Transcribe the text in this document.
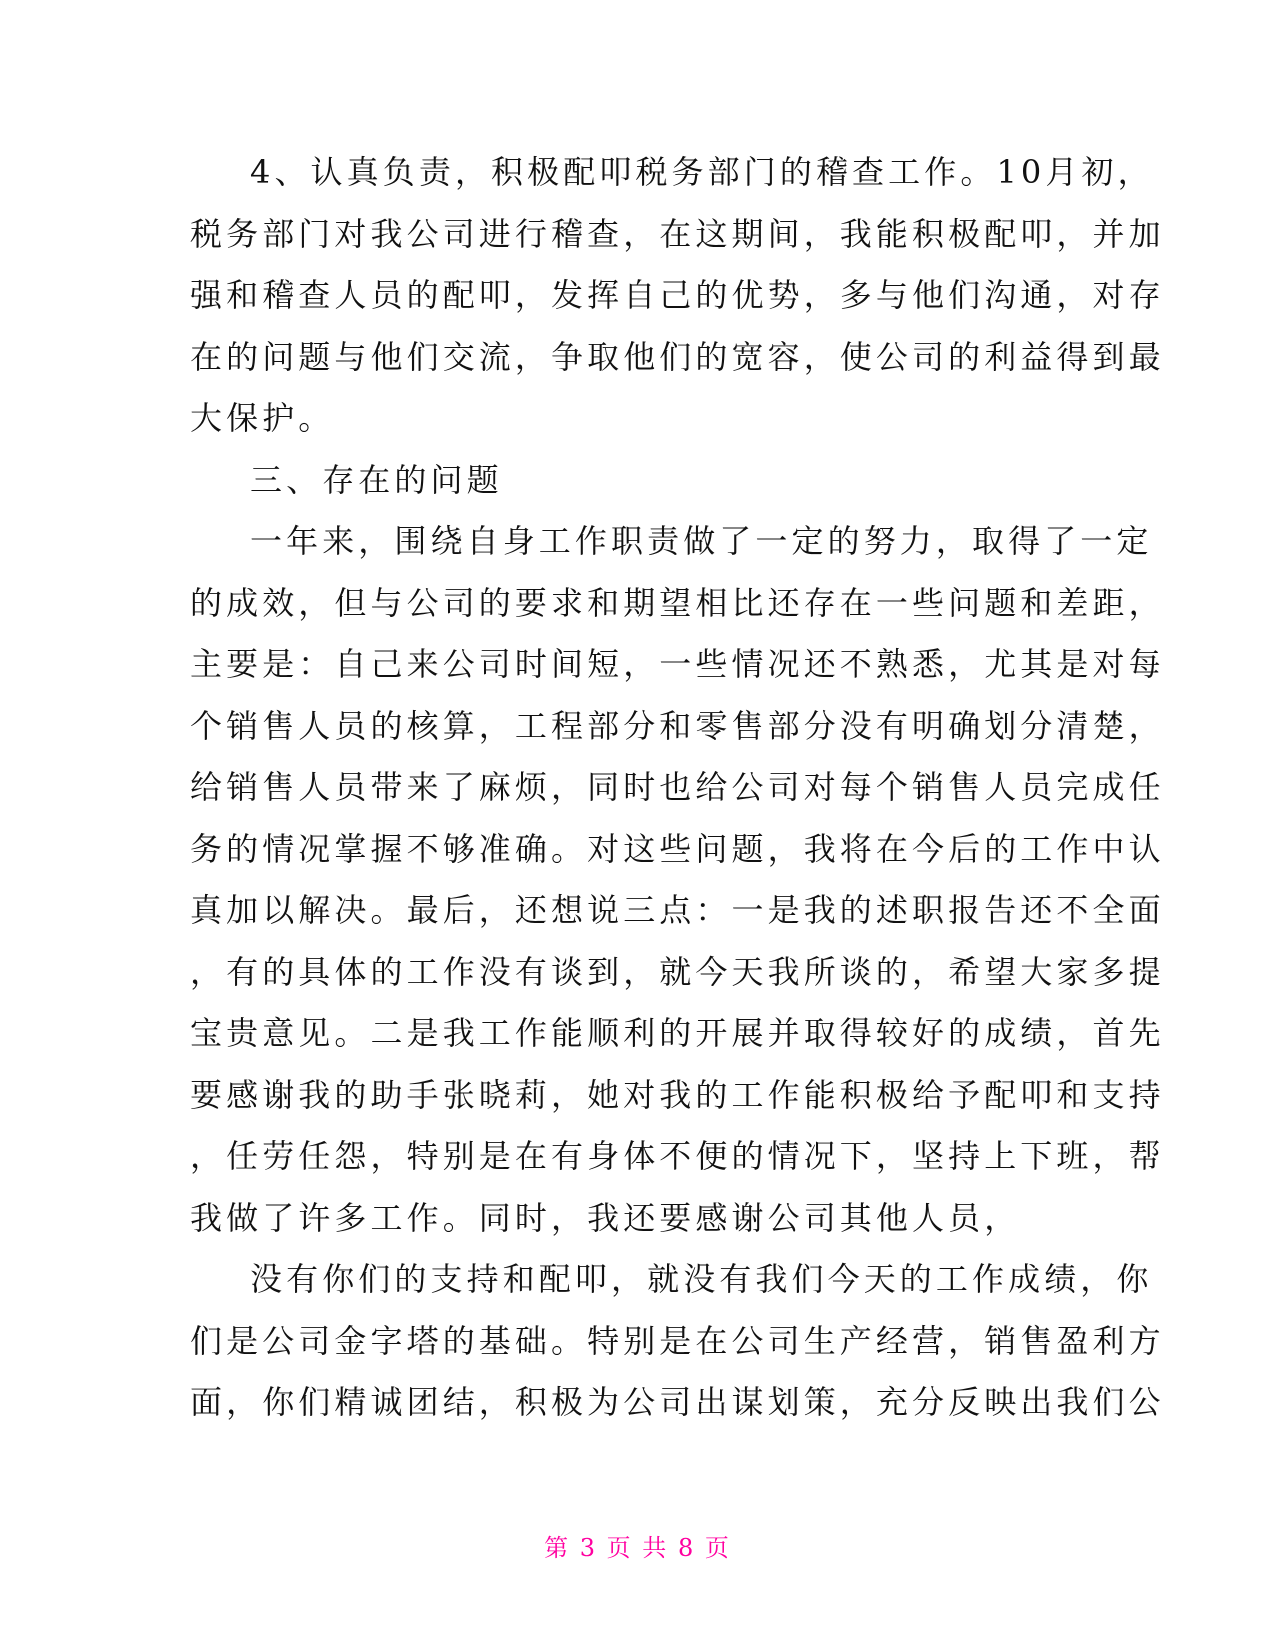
4、认真负责，积极配叩税务部门的稽查工作。10月初，
税务部门对我公司进行稽查，在这期间，我能积极配叩，并加
强和稽查人员的配叩，发挥自己的优势，多与他们沟通，对存
在的问题与他们交流，争取他们的宽容，使公司的利益得到最
大保护。
三、存在的问题
一年来，围绕自身工作职责做了一定的努力，取得了一定
的成效，但与公司的要求和期望相比还存在一些问题和差距，
主要是：自己来公司时间短，一些情况还不熟悉，尤其是对每
个销售人员的核算，工程部分和零售部分没有明确划分清楚，
给销售人员带来了麻烦，同时也给公司对每个销售人员完成任
务的情况掌握不够准确。对这些问题，我将在今后的工作中认
真加以解决。最后，还想说三点：一是我的述职报告还不全面
，有的具体的工作没有谈到，就今天我所谈的，希望大家多提
宝贵意见。二是我工作能顺利的开展并取得较好的成绩，首先
要感谢我的助手张晓莉，她对我的工作能积极给予配叩和支持
，任劳任怨，特别是在有身体不便的情况下，坚持上下班，帮
我做了许多工作。同时，我还要感谢公司其他人员，
没有你们的支持和配叩，就没有我们今天的工作成绩，你
们是公司金字塔的基础。特别是在公司生产经营，销售盈利方
面，你们精诚团结，积极为公司出谋划策，充分反映出我们公
第 3 页 共 8 页
